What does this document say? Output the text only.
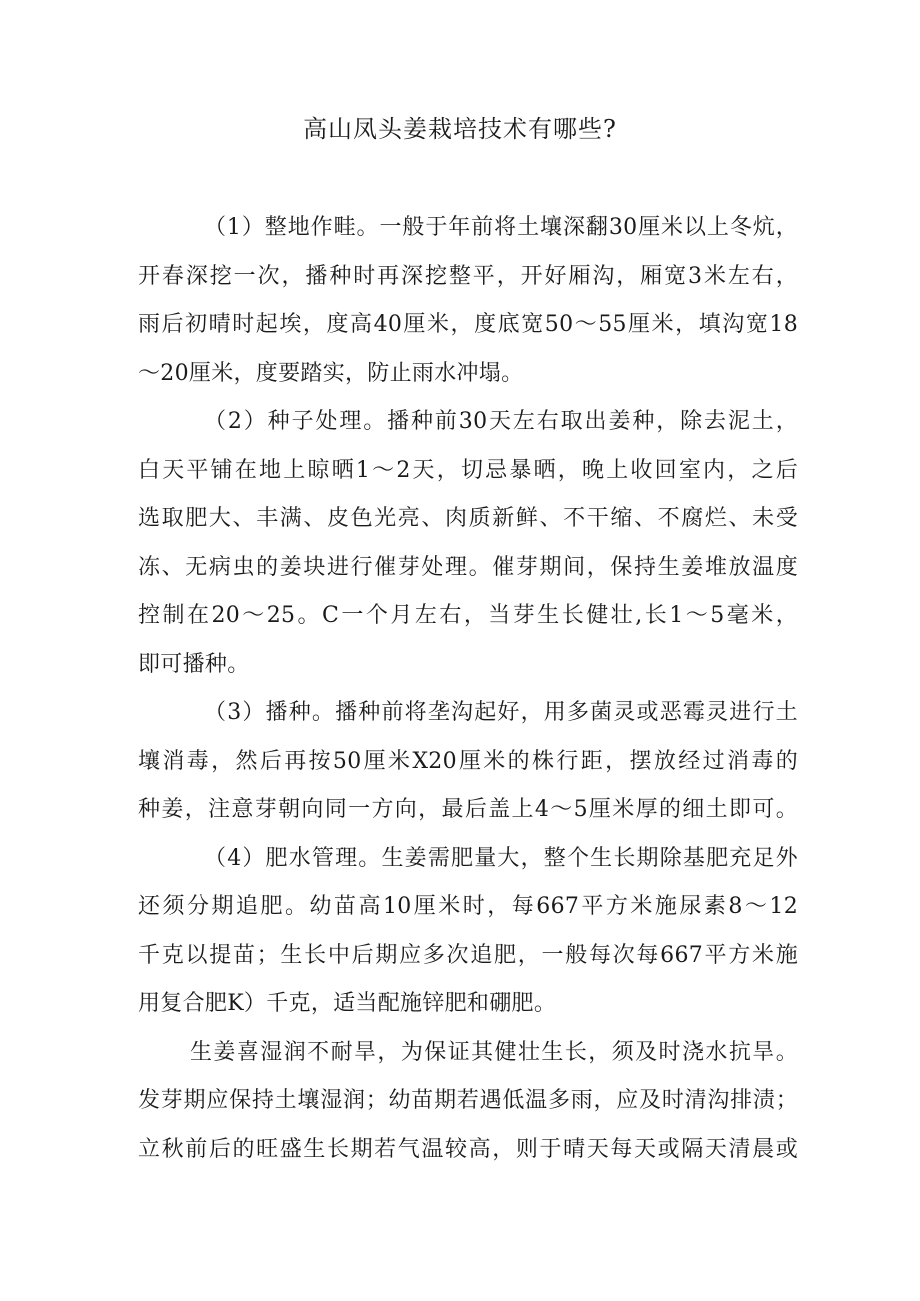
高山凤头姜栽培技术有哪些?
（1）整地作畦。一般于年前将土壤深翻30厘米以上冬炕，
开春深挖一次，播种时再深挖整平，开好厢沟，厢宽3米左右，
雨后初晴时起埃，度高40厘米，度底宽50～55厘米，填沟宽18
～20厘米，度要踏实，防止雨水冲塌。
（2）种子处理。播种前30天左右取出姜种，除去泥土，
白天平铺在地上晾晒1～2天，切忌暴晒，晚上收回室内，之后
选取肥大、丰满、皮色光亮、肉质新鲜、不干缩、不腐烂、未受
冻、无病虫的姜块进行催芽处理。催芽期间，保持生姜堆放温度
控制在20～25。C一个月左右，当芽生长健壮,长1～5毫米，
即可播种。
（3）播种。播种前将垄沟起好，用多菌灵或恶霉灵进行土
壤消毒，然后再按50厘米X20厘米的株行距，摆放经过消毒的
种姜，注意芽朝向同一方向，最后盖上4～5厘米厚的细土即可。
（4）肥水管理。生姜需肥量大，整个生长期除基肥充足外
还须分期追肥。幼苗高10厘米时，每667平方米施尿素8～12
千克以提苗；生长中后期应多次追肥，一般每次每667平方米施
用复合肥K）千克，适当配施锌肥和硼肥。
生姜喜湿润不耐旱，为保证其健壮生长，须及时浇水抗旱。
发芽期应保持土壤湿润；幼苗期若遇低温多雨，应及时清沟排渍；
立秋前后的旺盛生长期若气温较高，则于晴天每天或隔天清晨或
